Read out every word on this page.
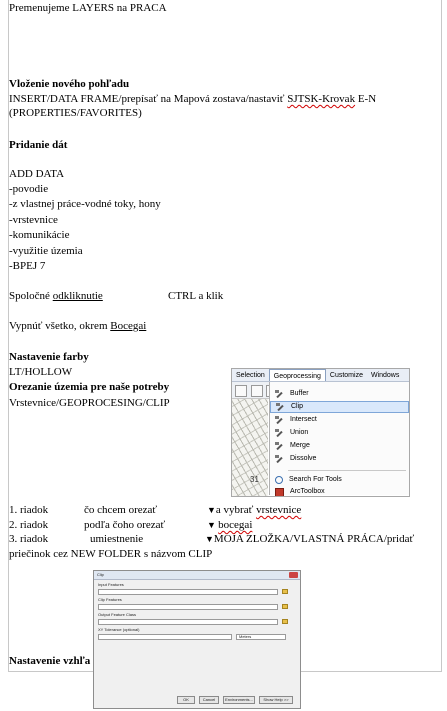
Premenujeme LAYERS na PRACA
Vloženie nového pohľadu
INSERT/DATA FRAME/prepísať na Mapová zostava/nastaviť SJTSK-Krovak E-N
(PROPERTIES/FAVORITES)
Pridanie dát
ADD DATA
-povodie
-z vlastnej práce-vodné toky, hony
-vrstevnice
-komunikácie
-využitie územia
-BPEJ 7
Spoločné odkliknutie	CTRL a klik
Vypnúť všetko, okrem Bocegai
Nastavenie farby
LT/HOLLOW
Orezanie územia pre naše potreby
Vrstevnice/GEOPROCESING/CLIP
Selection	Geoprocessing	Customize	Windows
31
Buffer
Clip
Intersect
Union
Merge
Dissolve
Search For Tools
ArcToolbox
1. riadok	čo chcem orezať	▼a vybrať vrstevnice
2. riadok	podľa čoho orezať	▼ bocegai
3. riadok	umiestnenie	▼MOJA ZLOŽKA/VLASTNÁ PRÁCA/pridať
priečinok cez NEW FOLDER s názvom CLIP
Nastavenie vzhľa
Clip
Input Features
Clip Features
Output Feature Class
XY Tolerance (optional)
Meters
OK	Cancel	Environments...	Show Help >>
